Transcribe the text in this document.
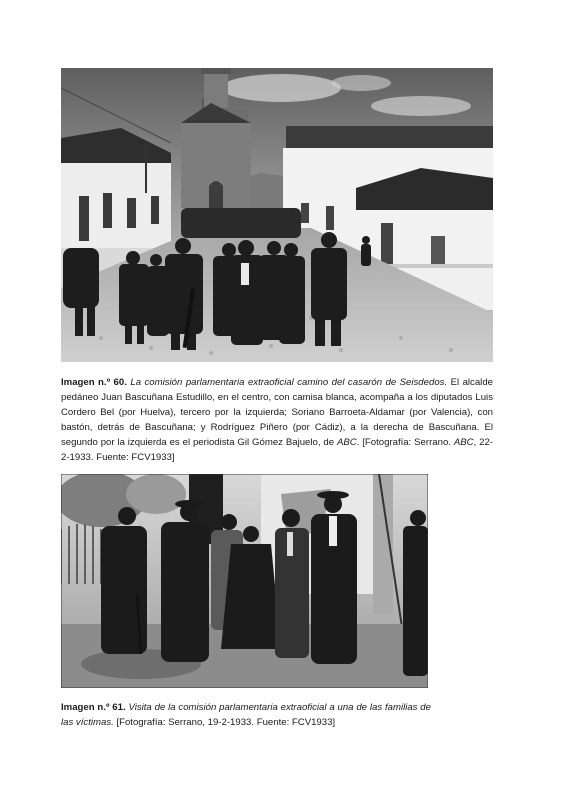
Imagen n.º 60. La comisión parlamentaria extraoficial camino del casarón de Seisdedos. El alcalde pedáneo Juan Bascuñana Estudillo, en el centro, con camisa blanca, acompaña a los diputados Luis Cordero Bel (por Huelva), tercero por la izquierda; Soriano Barroeta-Aldamar (por Valencia), con bastón, detrás de Bascuñana; y Rodríguez Piñero (por Cádiz), a la derecha de Bascuñana. El segundo por la izquierda es el periodista Gil Gómez Bajuelo, de ABC. [Fotografía: Serrano. ABC, 22-2-1933. Fuente: FCV1933]
Imagen n.º 61. Visita de la comisión parlamentaria extraoficial a una de las familias de las víctimas. [Fotografía: Serrano, 19-2-1933. Fuente: FCV1933]
